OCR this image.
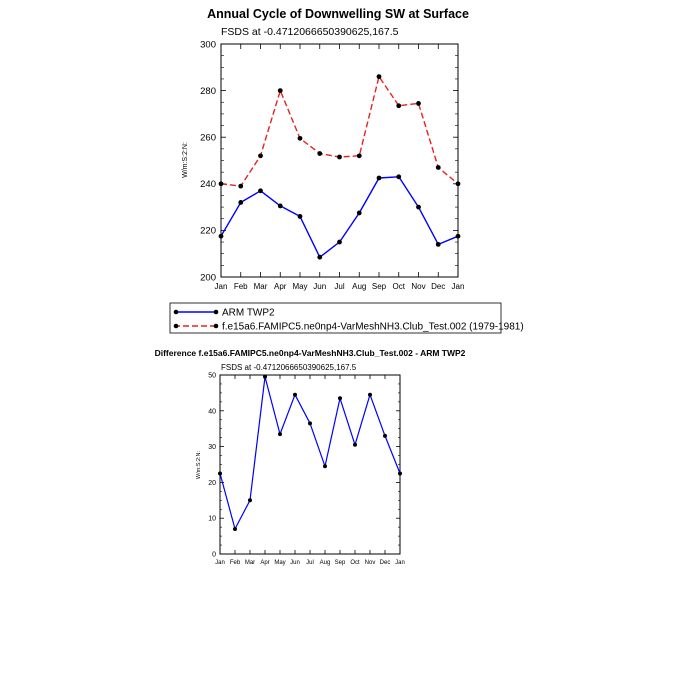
Annual Cycle of Downwelling SW at Surface
FSDS at -0.4712066650390625,167.5
W/m:S:2:N:
Jan Feb Mar Apr May Jun Jul Aug Sep Oct Nov Dec Jan
200
220
240
260
280
300
ARM TWP2
f.e15a6.FAMIPC5.ne0np4-VarMeshNH3.Club_Test.002 (1979-1981)
Difference f.e15a6.FAMIPC5.ne0np4-VarMeshNH3.Club_Test.002 - ARM TWP2
FSDS at -0.4712066650390625,167.5
W/m:S:2:N:
Jan Feb Mar Apr May Jun Jul Aug Sep Oct Nov Dec Jan
0
10
20
30
40
50
